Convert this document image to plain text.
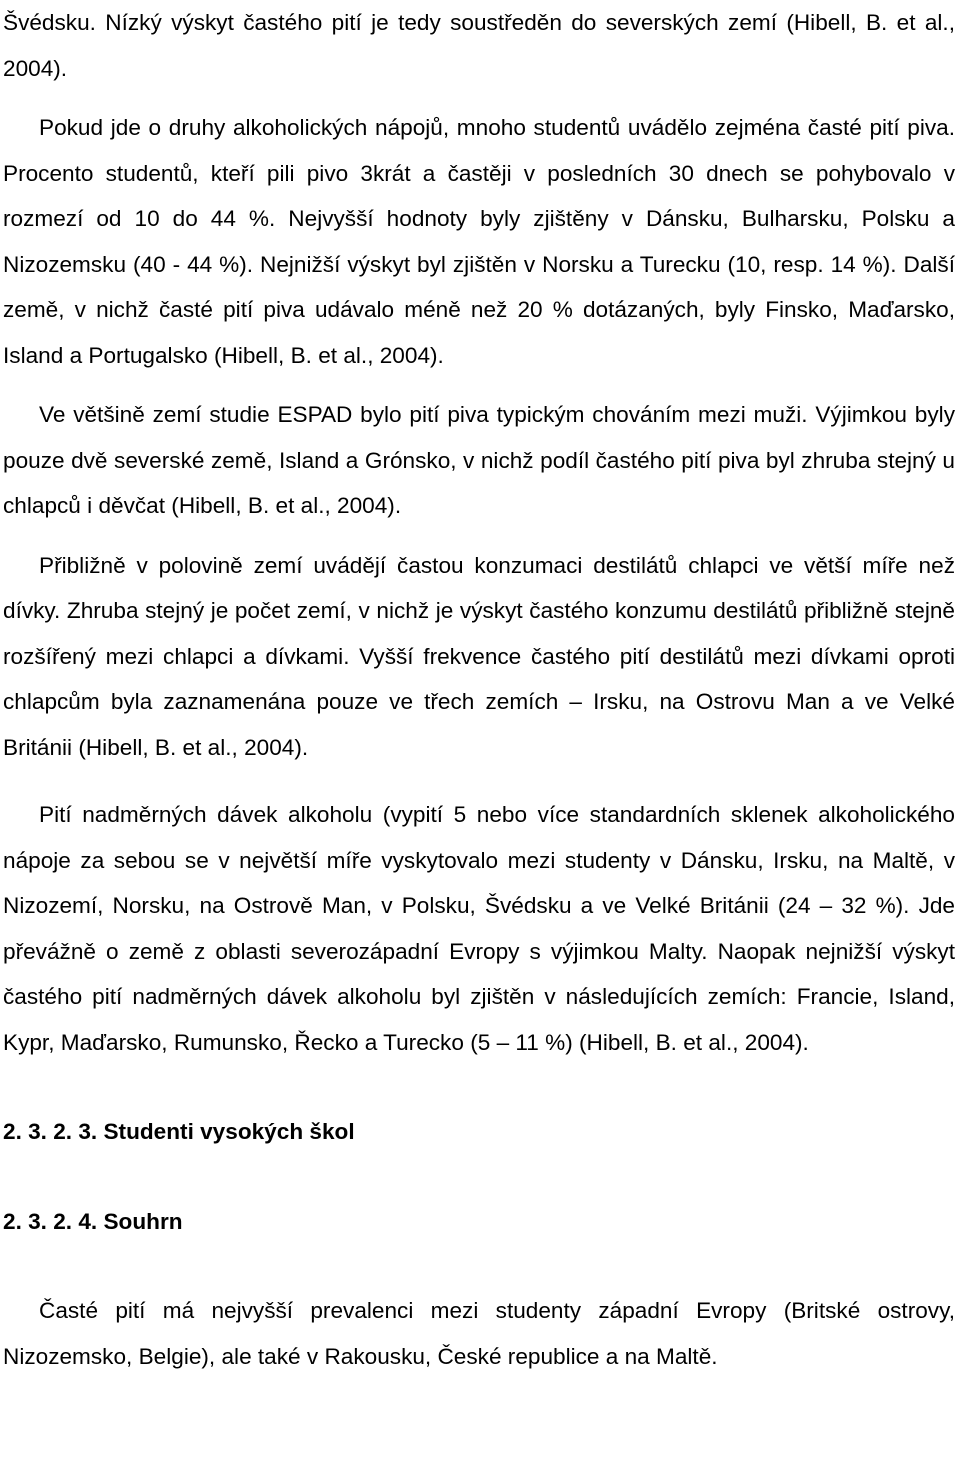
Švédsku. Nízký výskyt častého pití je tedy soustředěn do severských zemí (Hibell, B. et al., 2004).

Pokud jde o druhy alkoholických nápojů, mnoho studentů uvádělo zejména časté pití piva. Procento studentů, kteří pili pivo 3krát a častěji v posledních 30 dnech se pohybovalo v rozmezí od 10 do 44 %. Nejvyšší hodnoty byly zjištěny v Dánsku, Bulharsku, Polsku a Nizozemsku (40 - 44 %). Nejnižší výskyt byl zjištěn v Norsku a Turecku (10, resp. 14 %). Další země, v nichž časté pití piva udávalo méně než 20 % dotázaných, byly Finsko, Maďarsko, Island a Portugalsko (Hibell, B. et al., 2004).

Ve většině zemí studie ESPAD bylo pití piva typickým chováním mezi muži. Výjimkou byly pouze dvě severské země, Island a Grónsko, v nichž podíl častého pití piva byl zhruba stejný u chlapců i děvčat (Hibell, B. et al., 2004).

Přibližně v polovině zemí uvádějí častou konzumaci destilátů chlapci ve větší míře než dívky. Zhruba stejný je počet zemí, v nichž je výskyt častého konzumu destilátů přibližně stejně rozšířený mezi chlapci a dívkami. Vyšší frekvence častého pití destilátů mezi dívkami oproti chlapcům byla zaznamenána pouze ve třech zemích – Irsku, na Ostrovu Man a ve Velké Británii (Hibell, B. et al., 2004).

Pití nadměrných dávek alkoholu (vypití 5 nebo více standardních sklenek alkoholického nápoje za sebou se v největší míře vyskytovalo mezi studenty v Dánsku, Irsku, na Maltě, v Nizozemí, Norsku, na Ostrově Man, v Polsku, Švédsku a ve Velké Británii (24 – 32 %). Jde převážně o země z oblasti severozápadní Evropy s výjimkou Malty. Naopak nejnižší výskyt častého pití nadměrných dávek alkoholu byl zjištěn v následujících zemích: Francie, Island, Kypr, Maďarsko, Rumunsko, Řecko a Turecko (5 – 11 %) (Hibell, B. et al., 2004).

2. 3. 2. 3. Studenti vysokých škol
2. 3. 2. 4. Souhrn

Časté pití má nejvyšší prevalenci mezi studenty západní Evropy (Britské ostrovy, Nizozemsko, Belgie), ale také v Rakousku, České republice a na Maltě.
